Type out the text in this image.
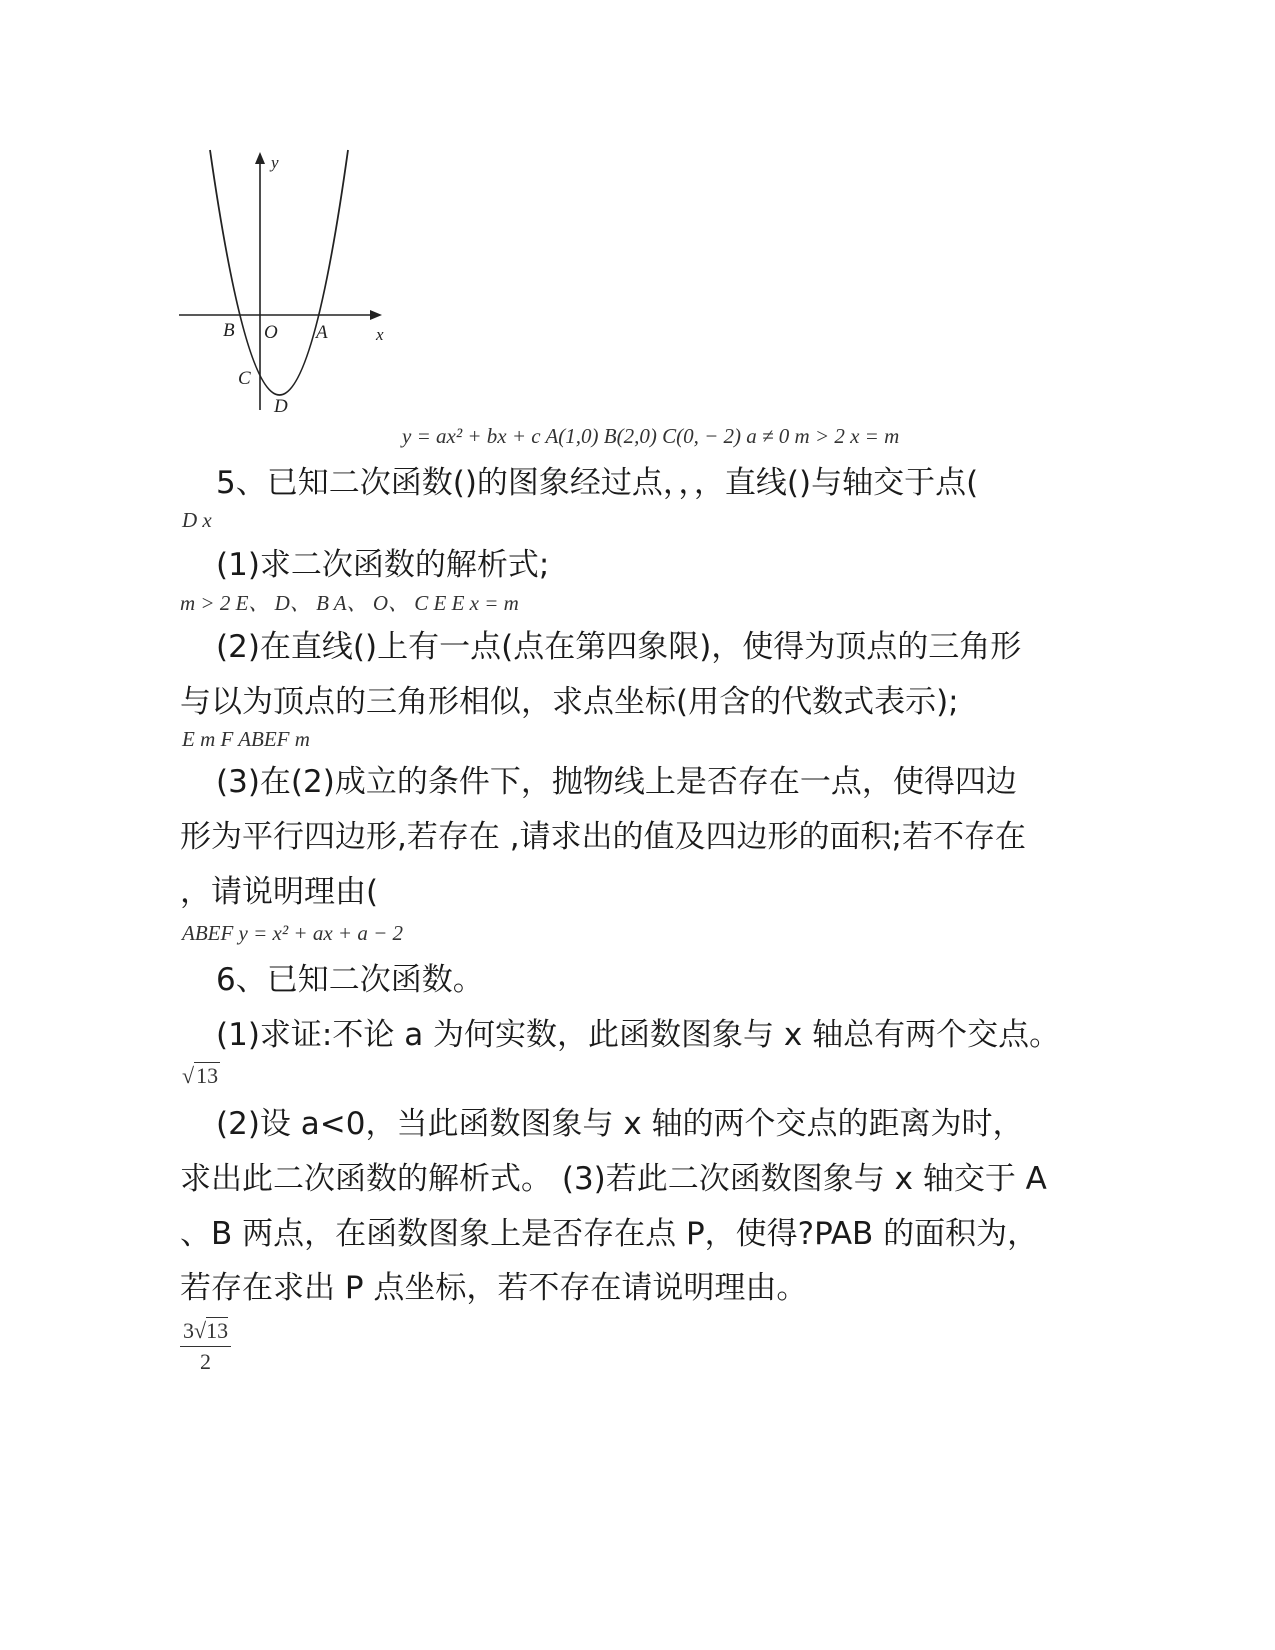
y
x
B O A
C
D
y = ax² + bx + c A(1,0) B(2,0) C(0, − 2) a ≠ 0 m > 2 x = m
5、已知二次函数()的图象经过点，，，直线()与轴交于点(
D x
(1)求二次函数的解析式;
m > 2 E、 D、 B A、 O、 C E E x = m
(2)在直线()上有一点(点在第四象限)，使得为顶点的三角形
与以为顶点的三角形相似，求点坐标(用含的代数式表示);
E m F ABEF m
(3)在(2)成立的条件下，抛物线上是否存在一点，使得四边
形为平行四边形,若存在 ,请求出的值及四边形的面积;若不存在
，请说明理由(
ABEF y = x² + ax + a − 2
6、已知二次函数。
(1)求证:不论 a 为何实数，此函数图象与 x 轴总有两个交点。
√13
(2)设 a<0，当此函数图象与 x 轴的两个交点的距离为时，
求出此二次函数的解析式。 (3)若此二次函数图象与 x 轴交于 A
、B 两点，在函数图象上是否存在点 P，使得?PAB 的面积为，
若存在求出 P 点坐标，若不存在请说明理由。
$\frac{3√13}{2}$
